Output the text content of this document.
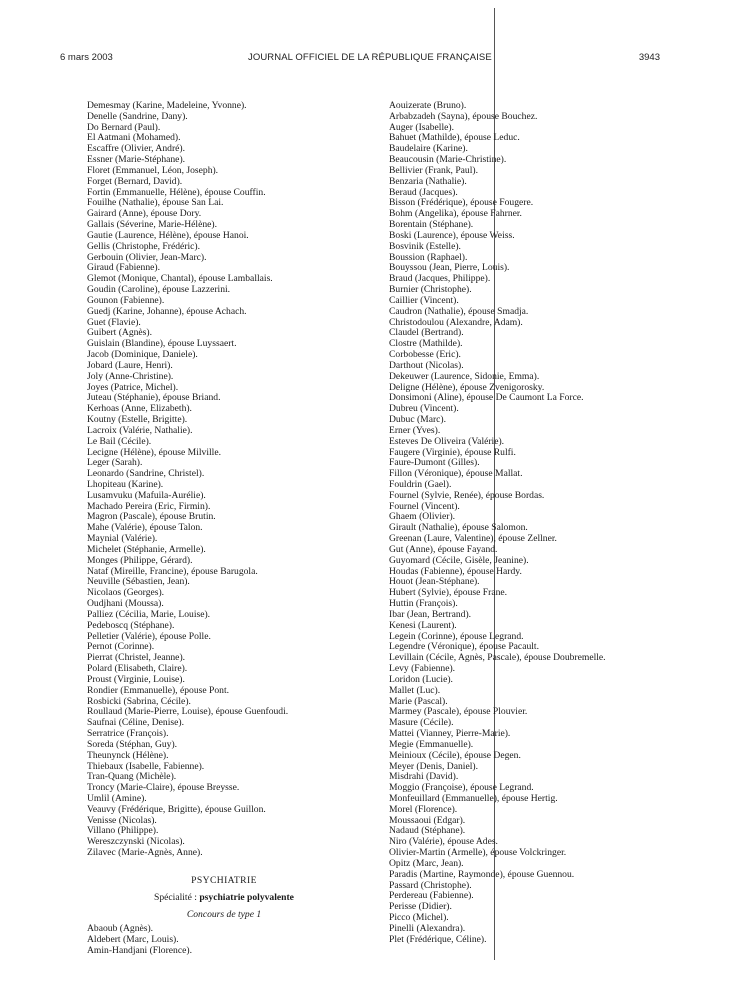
6 mars 2003	JOURNAL OFFICIEL DE LA RÉPUBLIQUE FRANÇAISE	3943
Demesmay (Karine, Madeleine, Yvonne).
Denelle (Sandrine, Dany).
Do Bernard (Paul).
El Aatmani (Mohamed).
Escaffre (Olivier, André).
Essner (Marie-Stéphane).
Floret (Emmanuel, Léon, Joseph).
Forget (Bernard, David).
Fortin (Emmanuelle, Hélène), épouse Couffin.
Fouilhe (Nathalie), épouse San Lai.
Gairard (Anne), épouse Dory.
Gallais (Séverine, Marie-Hélène).
Gautie (Laurence, Hélène), épouse Hanoi.
Gellis (Christophe, Frédéric).
Gerbouin (Olivier, Jean-Marc).
Giraud (Fabienne).
Glemot (Monique, Chantal), épouse Lamballais.
Goudin (Caroline), épouse Lazzerini.
Gounon (Fabienne).
Guedj (Karine, Johanne), épouse Achach.
Guet (Flavie).
Guibert (Agnès).
Guislain (Blandine), épouse Luyssaert.
Jacob (Dominique, Daniele).
Jobard (Laure, Henri).
Joly (Anne-Christine).
Joyes (Patrice, Michel).
Juteau (Stéphanie), épouse Briand.
Kerhoas (Anne, Elizabeth).
Koutny (Estelle, Brigitte).
Lacroix (Valérie, Nathalie).
Le Bail (Cécile).
Lecigne (Hélène), épouse Milville.
Leger (Sarah).
Leonardo (Sandrine, Christel).
Lhopiteau (Karine).
Lusamvuku (Mafuila-Aurélie).
Machado Pereira (Eric, Firmin).
Magron (Pascale), épouse Brutin.
Mahe (Valérie), épouse Talon.
Maynial (Valérie).
Michelet (Stéphanie, Armelle).
Monges (Philippe, Gérard).
Nataf (Mireille, Francine), épouse Barugola.
Neuville (Sébastien, Jean).
Nicolaos (Georges).
Oudjhani (Moussa).
Palliez (Cécilia, Marie, Louise).
Pedeboscq (Stéphane).
Pelletier (Valérie), épouse Polle.
Pernot (Corinne).
Pierrat (Christel, Jeanne).
Polard (Elisabeth, Claire).
Proust (Virginie, Louise).
Rondier (Emmanuelle), épouse Pont.
Rosbicki (Sabrina, Cécile).
Roullaud (Marie-Pierre, Louise), épouse Guenfoudi.
Saufnai (Céline, Denise).
Serratrice (François).
Soreda (Stéphan, Guy).
Theunynck (Hélène).
Thiebaux (Isabelle, Fabienne).
Tran-Quang (Michèle).
Troncy (Marie-Claire), épouse Breysse.
Umlil (Amine).
Veauvy (Frédérique, Brigitte), épouse Guillon.
Venisse (Nicolas).
Villano (Philippe).
Wereszczynski (Nicolas).
Zilavec (Marie-Agnès, Anne).
PSYCHIATRIE
Spécialité : psychiatrie polyvalente
Concours de type 1
Abaoub (Agnès).
Aldebert (Marc, Louis).
Amin-Handjani (Florence).
Aouizerate (Bruno).
Arbabzadeh (Sayna), épouse Bouchez.
Auger (Isabelle).
Bahuet (Mathilde), épouse Leduc.
Baudelaire (Karine).
Beaucousin (Marie-Christine).
Bellivier (Frank, Paul).
Benzaria (Nathalie).
Beraud (Jacques).
Bisson (Frédérique), épouse Fougere.
Bohm (Angelika), épouse Fahrner.
Borentain (Stéphane).
Boski (Laurence), épouse Weiss.
Bosvinik (Estelle).
Boussion (Raphael).
Bouyssou (Jean, Pierre, Louis).
Braud (Jacques, Philippe).
Burnier (Christophe).
Caillier (Vincent).
Caudron (Nathalie), épouse Smadja.
Christodoulou (Alexandre, Adam).
Claudel (Bertrand).
Clostre (Mathilde).
Corbobesse (Eric).
Darthout (Nicolas).
Dekeuwer (Laurence, Sidonie, Emma).
Deligne (Hélène), épouse Zvenigorosky.
Donsimoni (Aline), épouse De Caumont La Force.
Dubreu (Vincent).
Dubuc (Marc).
Erner (Yves).
Esteves De Oliveira (Valérie).
Faugere (Virginie), épouse Rulfi.
Faure-Dumont (Gilles).
Fillon (Véronique), épouse Mallat.
Fouldrin (Gael).
Fournel (Sylvie, Renée), épouse Bordas.
Fournel (Vincent).
Ghaem (Olivier).
Girault (Nathalie), épouse Salomon.
Greenan (Laure, Valentine), épouse Zellner.
Gut (Anne), épouse Fayand.
Guyomard (Cécile, Gisèle, Jeanine).
Houdas (Fabienne), épouse Hardy.
Houot (Jean-Stéphane).
Hubert (Sylvie), épouse Frane.
Huttin (François).
Ibar (Jean, Bertrand).
Kenesi (Laurent).
Legein (Corinne), épouse Legrand.
Legendre (Véronique), épouse Pacault.
Levillain (Cécile, Agnès, Pascale), épouse Doubremelle.
Levy (Fabienne).
Loridon (Lucie).
Mallet (Luc).
Marie (Pascal).
Marmey (Pascale), épouse Plouvier.
Masure (Cécile).
Mattei (Vianney, Pierre-Marie).
Megie (Emmanuelle).
Meinioux (Cécile), épouse Degen.
Meyer (Denis, Daniel).
Misdrahi (David).
Moggio (Françoise), épouse Legrand.
Monfeuillard (Emmanuelle), épouse Hertig.
Morel (Florence).
Moussaoui (Edgar).
Nadaud (Stéphane).
Niro (Valérie), épouse Ades.
Olivier-Martin (Armelle), épouse Volckringer.
Opitz (Marc, Jean).
Paradis (Martine, Raymonde), épouse Guennou.
Passard (Christophe).
Perdereau (Fabienne).
Perisse (Didier).
Picco (Michel).
Pinelli (Alexandra).
Plet (Frédérique, Céline).
